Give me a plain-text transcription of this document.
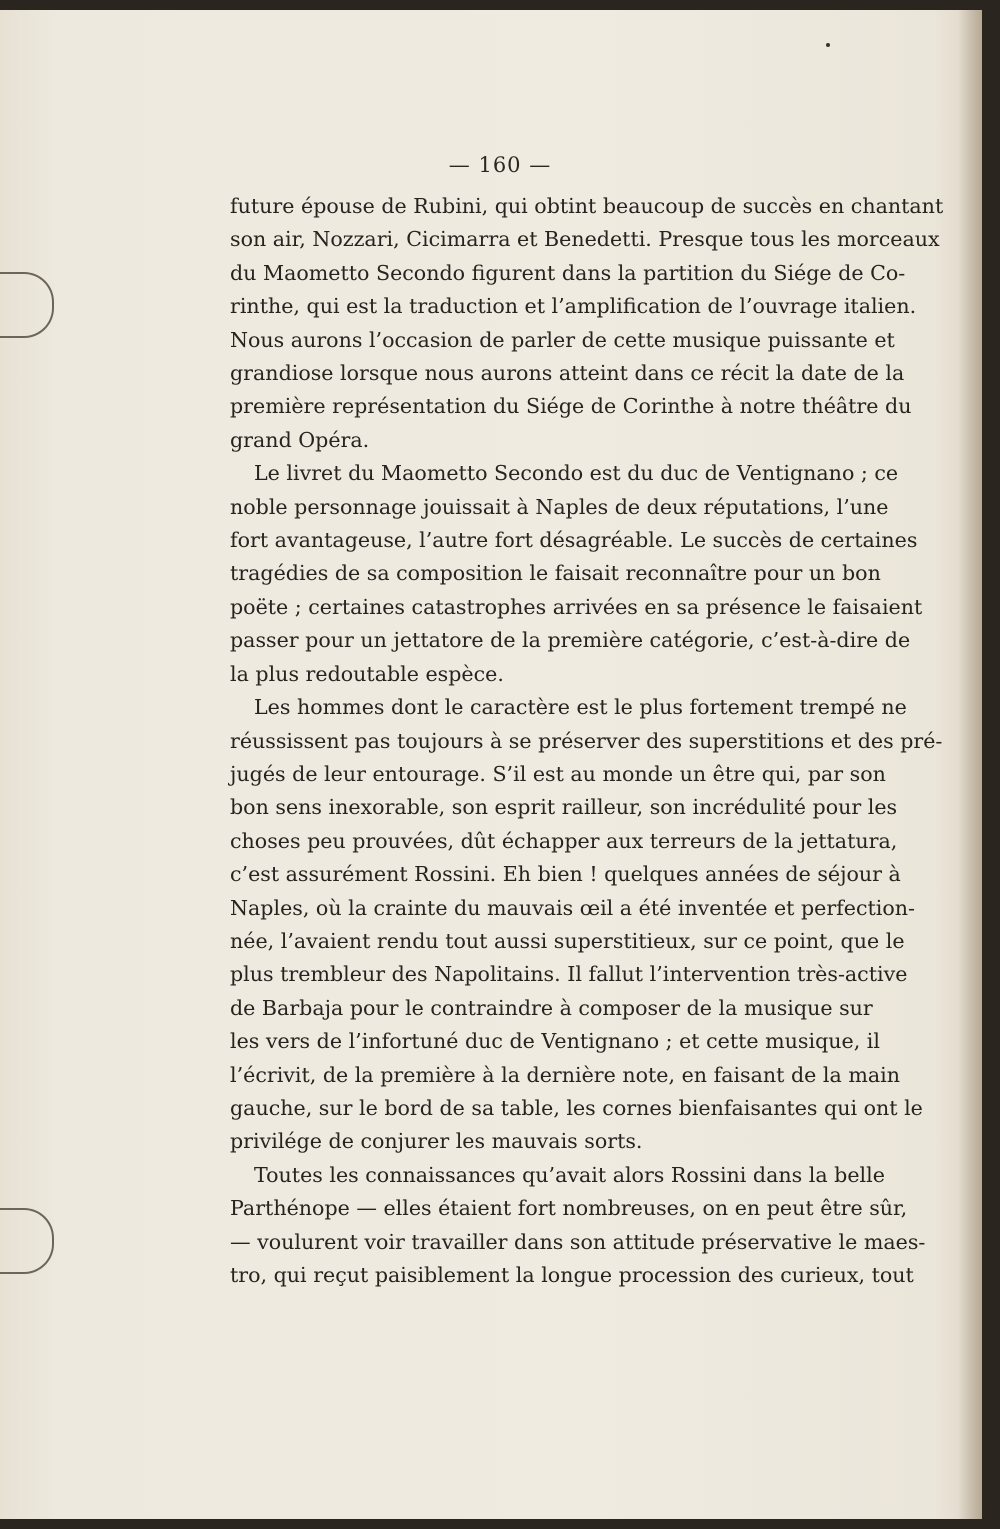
— 160 —
future épouse de Rubini, qui obtint beaucoup de succès en chantant
son air, Nozzari, Cicimarra et Benedetti. Presque tous les morceaux
du Maometto Secondo figurent dans la partition du Siége de Co-
rinthe, qui est la traduction et l’amplification de l’ouvrage italien.
Nous aurons l’occasion de parler de cette musique puissante et
grandiose lorsque nous aurons atteint dans ce récit la date de la
première représentation du Siége de Corinthe à notre théâtre du
grand Opéra.
Le livret du Maometto Secondo est du duc de Ventignano ; ce
noble personnage jouissait à Naples de deux réputations, l’une
fort avantageuse, l’autre fort désagréable. Le succès de certaines
tragédies de sa composition le faisait reconnaître pour un bon
poëte ; certaines catastrophes arrivées en sa présence le faisaient
passer pour un jettatore de la première catégorie, c’est-à-dire de
la plus redoutable espèce.
Les hommes dont le caractère est le plus fortement trempé ne
réussissent pas toujours à se préserver des superstitions et des pré-
jugés de leur entourage. S’il est au monde un être qui, par son
bon sens inexorable, son esprit railleur, son incrédulité pour les
choses peu prouvées, dût échapper aux terreurs de la jettatura,
c’est assurément Rossini. Eh bien ! quelques années de séjour à
Naples, où la crainte du mauvais œil a été inventée et perfection-
née, l’avaient rendu tout aussi superstitieux, sur ce point, que le
plus trembleur des Napolitains. Il fallut l’intervention très-active
de Barbaja pour le contraindre à composer de la musique sur
les vers de l’infortuné duc de Ventignano ; et cette musique, il
l’écrivit, de la première à la dernière note, en faisant de la main
gauche, sur le bord de sa table, les cornes bienfaisantes qui ont le
privilége de conjurer les mauvais sorts.
Toutes les connaissances qu’avait alors Rossini dans la belle
Parthénope — elles étaient fort nombreuses, on en peut être sûr,
— voulurent voir travailler dans son attitude préservative le maes-
tro, qui reçut paisiblement la longue procession des curieux, tout
